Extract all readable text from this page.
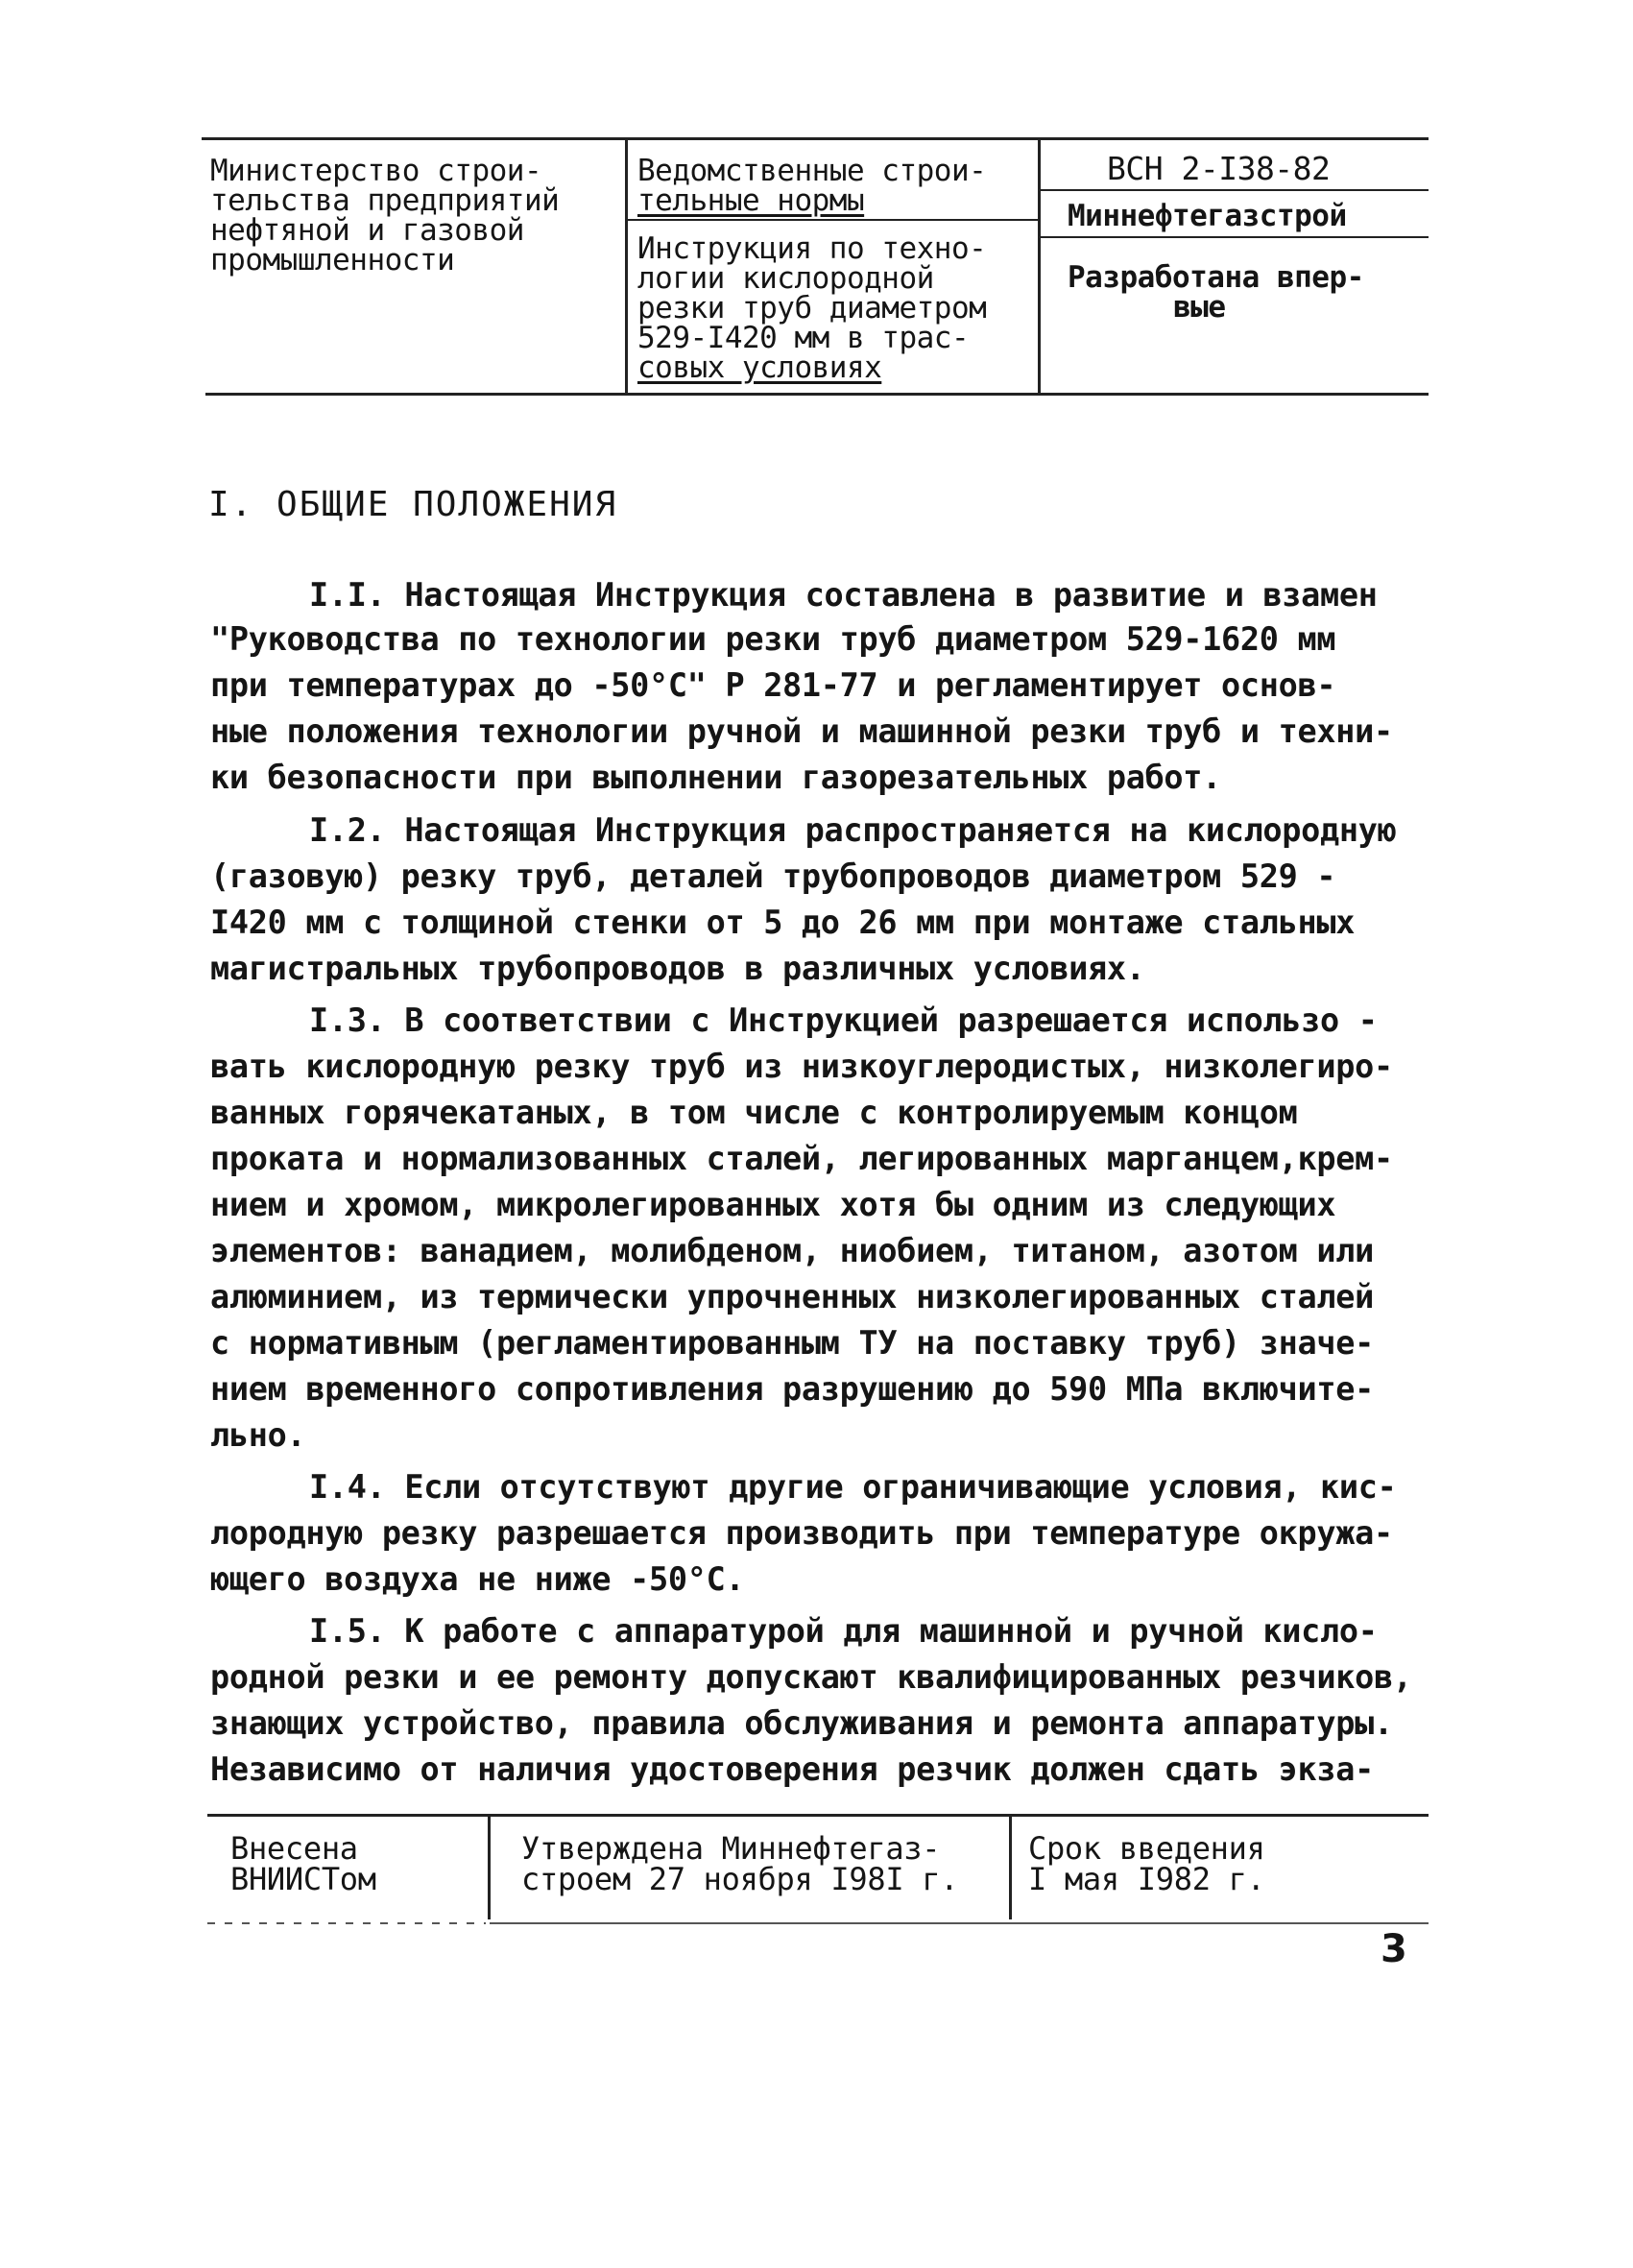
Министерство строи-
тельства предприятий
нефтяной и газовой
промышленности
Ведомственные строи-
тельные нормы
Инструкция по техно-
логии кислородной
резки труб диаметром
529-I420 мм в трас-
совых условиях
ВСН 2-I38-82
Миннефтегазстрой
Разработана впер-
вые
I. ОБЩИЕ ПОЛОЖЕНИЯ
I.I. Настоящая Инструкция составлена в развитие и взамен
"Руководства по технологии резки труб диаметром 529-1620 мм
при температурах до -50°C" Р 281-77 и регламентирует основ-
ные положения технологии ручной и машинной резки труб и техни-
ки безопасности при выполнении газорезательных работ.
I.2. Настоящая Инструкция распространяется на кислородную
(газовую) резку труб, деталей трубопроводов диаметром 529 -
I420 мм с толщиной стенки от 5 до 26 мм при монтаже стальных
магистральных трубопроводов в различных условиях.
I.3. В соответствии с Инструкцией разрешается использо -
вать кислородную резку труб из низкоуглеродистых, низколегиро-
ванных горячекатаных, в том числе с контролируемым концом
проката и нормализованных сталей, легированных марганцем,крем-
нием и хромом, микролегированных хотя бы одним из следующих
элементов: ванадием, молибденом, ниобием, титаном, азотом или
алюминием, из термически упрочненных низколегированных сталей
с нормативным (регламентированным ТУ на поставку труб) значе-
нием временного сопротивления разрушению до 590 МПа включите-
льно.
I.4. Если отсутствуют другие ограничивающие условия, кис-
лородную резку разрешается производить при температуре окружа-
ющего воздуха не ниже -50°C.
I.5. К работе с аппаратурой для машинной и ручной кисло-
родной резки и ее ремонту допускают квалифицированных резчиков,
знающих устройство, правила обслуживания и ремонта аппаратуры.
Независимо от наличия удостоверения резчик должен сдать экза-
Внесена
ВНИИСТом
Утверждена Миннефтегаз-
строем 27 ноября I98I г.
Срок введения
I мая I982 г.
3
